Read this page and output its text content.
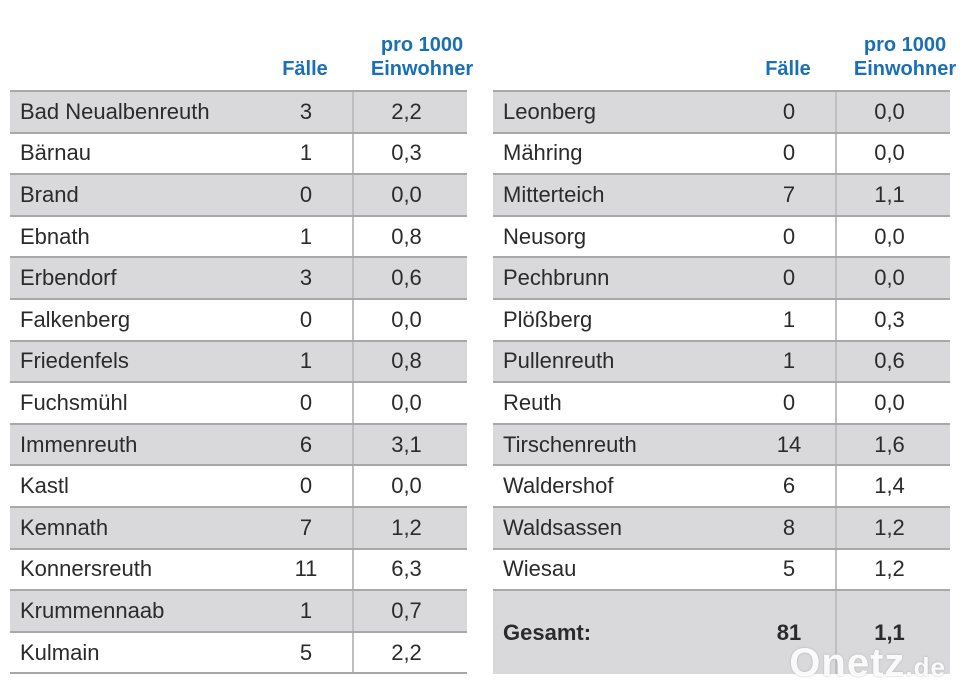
Fälle
pro 1000
Einwohner
Bad Neualbenreuth	3	2,2
Bärnau	1	0,3
Brand	0	0,0
Ebnath	1	0,8
Erbendorf	3	0,6
Falkenberg	0	0,0
Friedenfels	1	0,8
Fuchsmühl	0	0,0
Immenreuth	6	3,1
Kastl	0	0,0
Kemnath	7	1,2
Konnersreuth	11	6,3
Krummennaab	1	0,7
Kulmain	5	2,2
Fälle
pro 1000
Einwohner
Leonberg	0	0,0
Mähring	0	0,0
Mitterteich	7	1,1
Neusorg	0	0,0
Pechbrunn	0	0,0
Plößberg	1	0,3
Pullenreuth	1	0,6
Reuth	0	0,0
Tirschenreuth	14	1,6
Waldershof	6	1,4
Waldsassen	8	1,2
Wiesau	5	1,2
Gesamt:	81	1,1
Onetz.de
